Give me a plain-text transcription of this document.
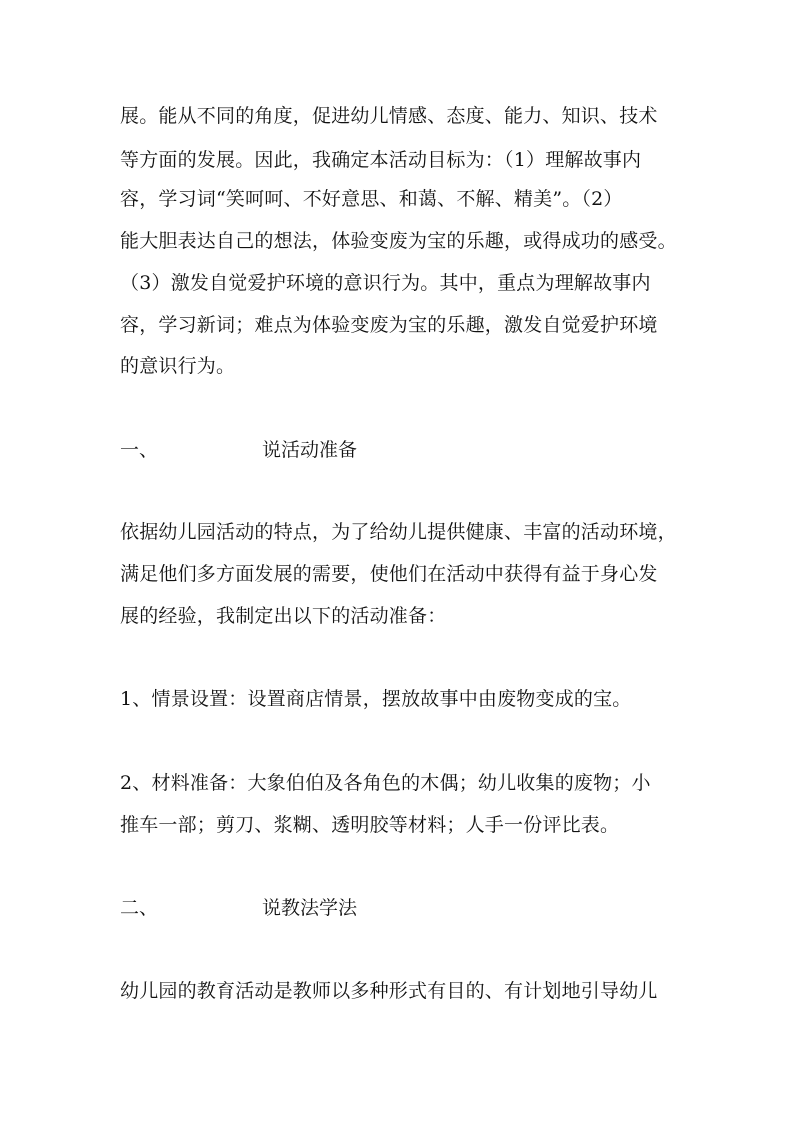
展。能从不同的角度，促进幼儿情感、态度、能力、知识、技术
等方面的发展。因此，我确定本活动目标为：（1）理解故事内
容，学习词“笑呵呵、不好意思、和蔼、不解、精美”。（2）
能大胆表达自己的想法，体验变废为宝的乐趣，或得成功的感受。
（3）激发自觉爱护环境的意识行为。其中，重点为理解故事内
容，学习新词；难点为体验变废为宝的乐趣，激发自觉爱护环境
的意识行为。
一、	说活动准备
依据幼儿园活动的特点，为了给幼儿提供健康、丰富的活动环境，
满足他们多方面发展的需要，使他们在活动中获得有益于身心发
展的经验，我制定出以下的活动准备：
1、情景设置：设置商店情景，摆放故事中由废物变成的宝。
2、材料准备：大象伯伯及各角色的木偶；幼儿收集的废物；小
推车一部；剪刀、浆糊、透明胶等材料；人手一份评比表。
二、	说教法学法
幼儿园的教育活动是教师以多种形式有目的、有计划地引导幼儿
